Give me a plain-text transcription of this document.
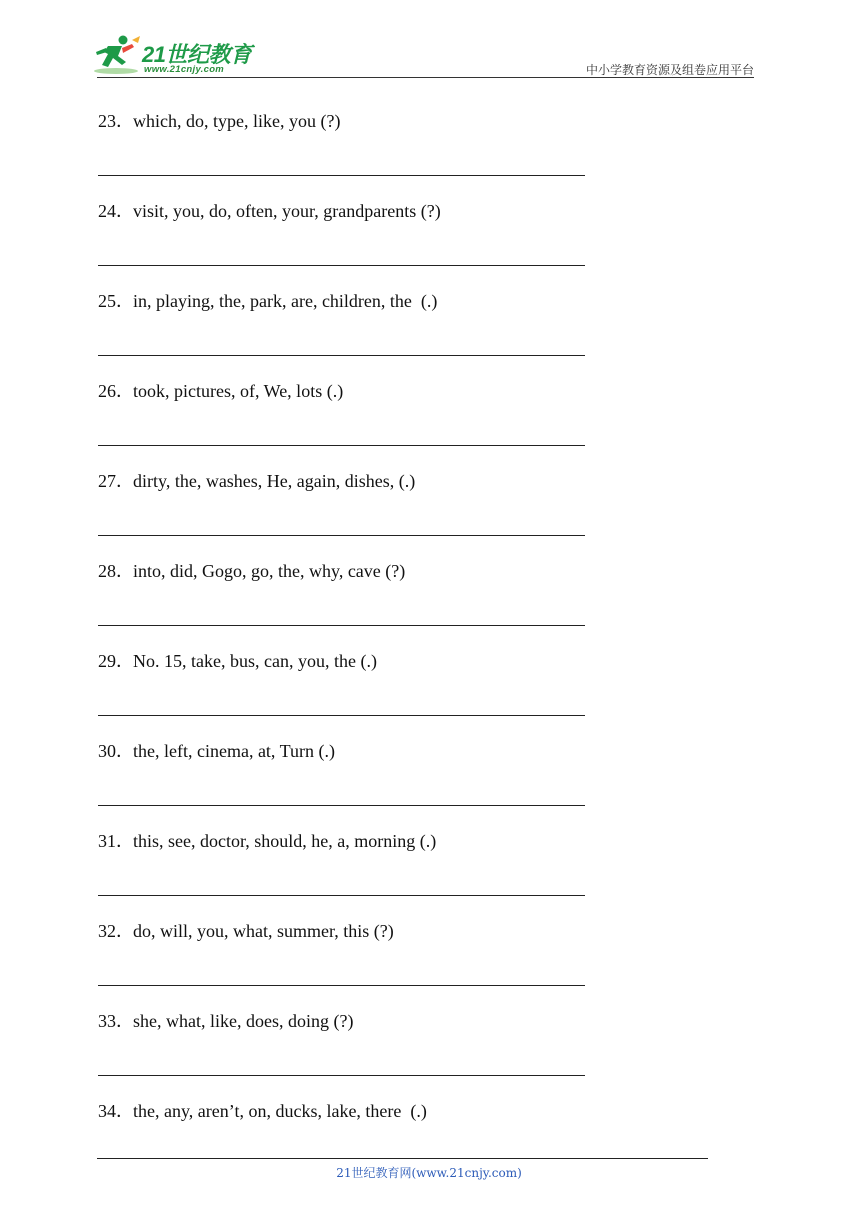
21世纪教育
www.21cnjy.com	中小学教育资源及组卷应用平台
23．which, do, type, like, you (?)
24．visit, you, do, often, your, grandparents (?)
25．in, playing, the, park, are, children, the  (.)
26．took, pictures, of, We, lots (.)
27．dirty, the, washes, He, again, dishes, (.)
28．into, did, Gogo, go, the, why, cave (?)
29．No. 15, take, bus, can, you, the (.)
30．the, left, cinema, at, Turn (.)
31．this, see, doctor, should, he, a, morning (.)
32．do, will, you, what, summer, this (?)
33．she, what, like, does, doing (?)
34．the, any, aren’t, on, ducks, lake, there  (.)
21世纪教育网(www.21cnjy.com)
